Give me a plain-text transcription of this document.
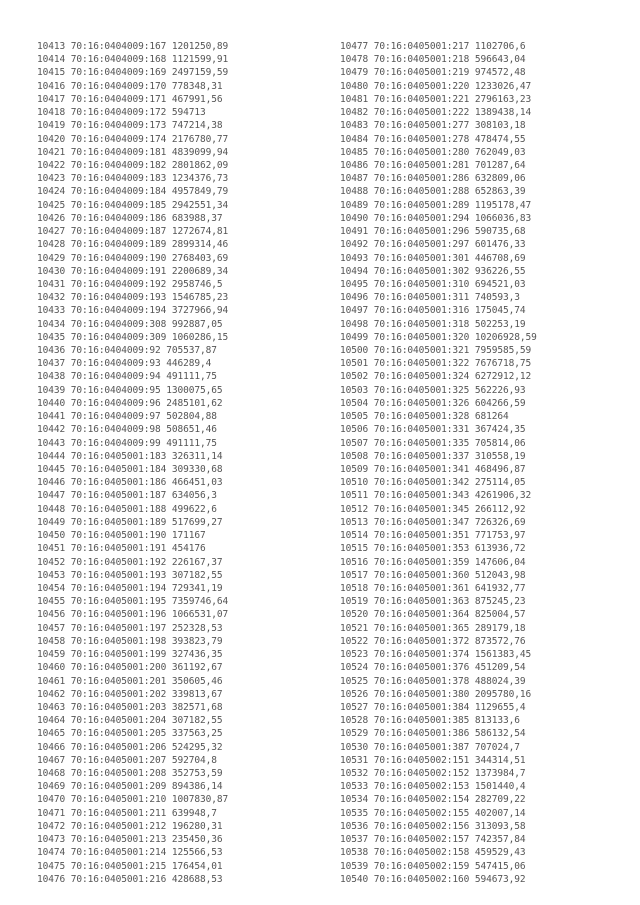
10413 70:16:0404009:167 1201250,89
10414 70:16:0404009:168 1121599,91
10415 70:16:0404009:169 2497159,59
10416 70:16:0404009:170 778348,31
10417 70:16:0404009:171 467991,56
10418 70:16:0404009:172 594713
10419 70:16:0404009:173 747214,38
10420 70:16:0404009:174 2176780,77
10421 70:16:0404009:181 4839099,94
10422 70:16:0404009:182 2801862,09
10423 70:16:0404009:183 1234376,73
10424 70:16:0404009:184 4957849,79
10425 70:16:0404009:185 2942551,34
10426 70:16:0404009:186 683988,37
10427 70:16:0404009:187 1272674,81
10428 70:16:0404009:189 2899314,46
10429 70:16:0404009:190 2768403,69
10430 70:16:0404009:191 2200689,34
10431 70:16:0404009:192 2958746,5
10432 70:16:0404009:193 1546785,23
10433 70:16:0404009:194 3727966,94
10434 70:16:0404009:308 992887,05
10435 70:16:0404009:309 1060286,15
10436 70:16:0404009:92 705537,87
10437 70:16:0404009:93 446289,4
10438 70:16:0404009:94 491111,75
10439 70:16:0404009:95 1300075,65
10440 70:16:0404009:96 2485101,62
10441 70:16:0404009:97 502804,88
10442 70:16:0404009:98 508651,46
10443 70:16:0404009:99 491111,75
10444 70:16:0405001:183 326311,14
10445 70:16:0405001:184 309330,68
10446 70:16:0405001:186 466451,03
10447 70:16:0405001:187 634056,3
10448 70:16:0405001:188 499622,6
10449 70:16:0405001:189 517699,27
10450 70:16:0405001:190 171167
10451 70:16:0405001:191 454176
10452 70:16:0405001:192 226167,37
10453 70:16:0405001:193 307182,55
10454 70:16:0405001:194 729341,19
10455 70:16:0405001:195 7359746,64
10456 70:16:0405001:196 1066531,07
10457 70:16:0405001:197 252328,53
10458 70:16:0405001:198 393823,79
10459 70:16:0405001:199 327436,35
10460 70:16:0405001:200 361192,67
10461 70:16:0405001:201 350605,46
10462 70:16:0405001:202 339813,67
10463 70:16:0405001:203 382571,68
10464 70:16:0405001:204 307182,55
10465 70:16:0405001:205 337563,25
10466 70:16:0405001:206 524295,32
10467 70:16:0405001:207 592704,8
10468 70:16:0405001:208 352753,59
10469 70:16:0405001:209 894386,14
10470 70:16:0405001:210 1007830,87
10471 70:16:0405001:211 639948,7
10472 70:16:0405001:212 196280,31
10473 70:16:0405001:213 235450,36
10474 70:16:0405001:214 125566,53
10475 70:16:0405001:215 176454,01
10476 70:16:0405001:216 428688,53
10477 70:16:0405001:217 1102706,6
10478 70:16:0405001:218 596643,04
10479 70:16:0405001:219 974572,48
10480 70:16:0405001:220 1233026,47
10481 70:16:0405001:221 2796163,23
10482 70:16:0405001:222 1389438,14
10483 70:16:0405001:277 308103,18
10484 70:16:0405001:278 478474,55
10485 70:16:0405001:280 762049,03
10486 70:16:0405001:281 701287,64
10487 70:16:0405001:286 632809,06
10488 70:16:0405001:288 652863,39
10489 70:16:0405001:289 1195178,47
10490 70:16:0405001:294 1066036,83
10491 70:16:0405001:296 590735,68
10492 70:16:0405001:297 601476,33
10493 70:16:0405001:301 446708,69
10494 70:16:0405001:302 936226,55
10495 70:16:0405001:310 694521,03
10496 70:16:0405001:311 740593,3
10497 70:16:0405001:316 175045,74
10498 70:16:0405001:318 502253,19
10499 70:16:0405001:320 10206928,59
10500 70:16:0405001:321 7959585,59
10501 70:16:0405001:322 7676718,75
10502 70:16:0405001:324 6272912,12
10503 70:16:0405001:325 562226,93
10504 70:16:0405001:326 604266,59
10505 70:16:0405001:328 681264
10506 70:16:0405001:331 367424,35
10507 70:16:0405001:335 705814,06
10508 70:16:0405001:337 310558,19
10509 70:16:0405001:341 468496,87
10510 70:16:0405001:342 275114,05
10511 70:16:0405001:343 4261906,32
10512 70:16:0405001:345 266112,92
10513 70:16:0405001:347 726326,69
10514 70:16:0405001:351 771753,97
10515 70:16:0405001:353 613936,72
10516 70:16:0405001:359 147606,04
10517 70:16:0405001:360 512043,98
10518 70:16:0405001:361 641932,77
10519 70:16:0405001:363 875245,23
10520 70:16:0405001:364 825004,57
10521 70:16:0405001:365 289179,18
10522 70:16:0405001:372 873572,76
10523 70:16:0405001:374 1561383,45
10524 70:16:0405001:376 451209,54
10525 70:16:0405001:378 488024,39
10526 70:16:0405001:380 2095780,16
10527 70:16:0405001:384 1129655,4
10528 70:16:0405001:385 813133,6
10529 70:16:0405001:386 586132,54
10530 70:16:0405001:387 707024,7
10531 70:16:0405002:151 344314,51
10532 70:16:0405002:152 1373984,7
10533 70:16:0405002:153 1501440,4
10534 70:16:0405002:154 282709,22
10535 70:16:0405002:155 402007,14
10536 70:16:0405002:156 313093,58
10537 70:16:0405002:157 742357,84
10538 70:16:0405002:158 459529,43
10539 70:16:0405002:159 547415,06
10540 70:16:0405002:160 594673,92
